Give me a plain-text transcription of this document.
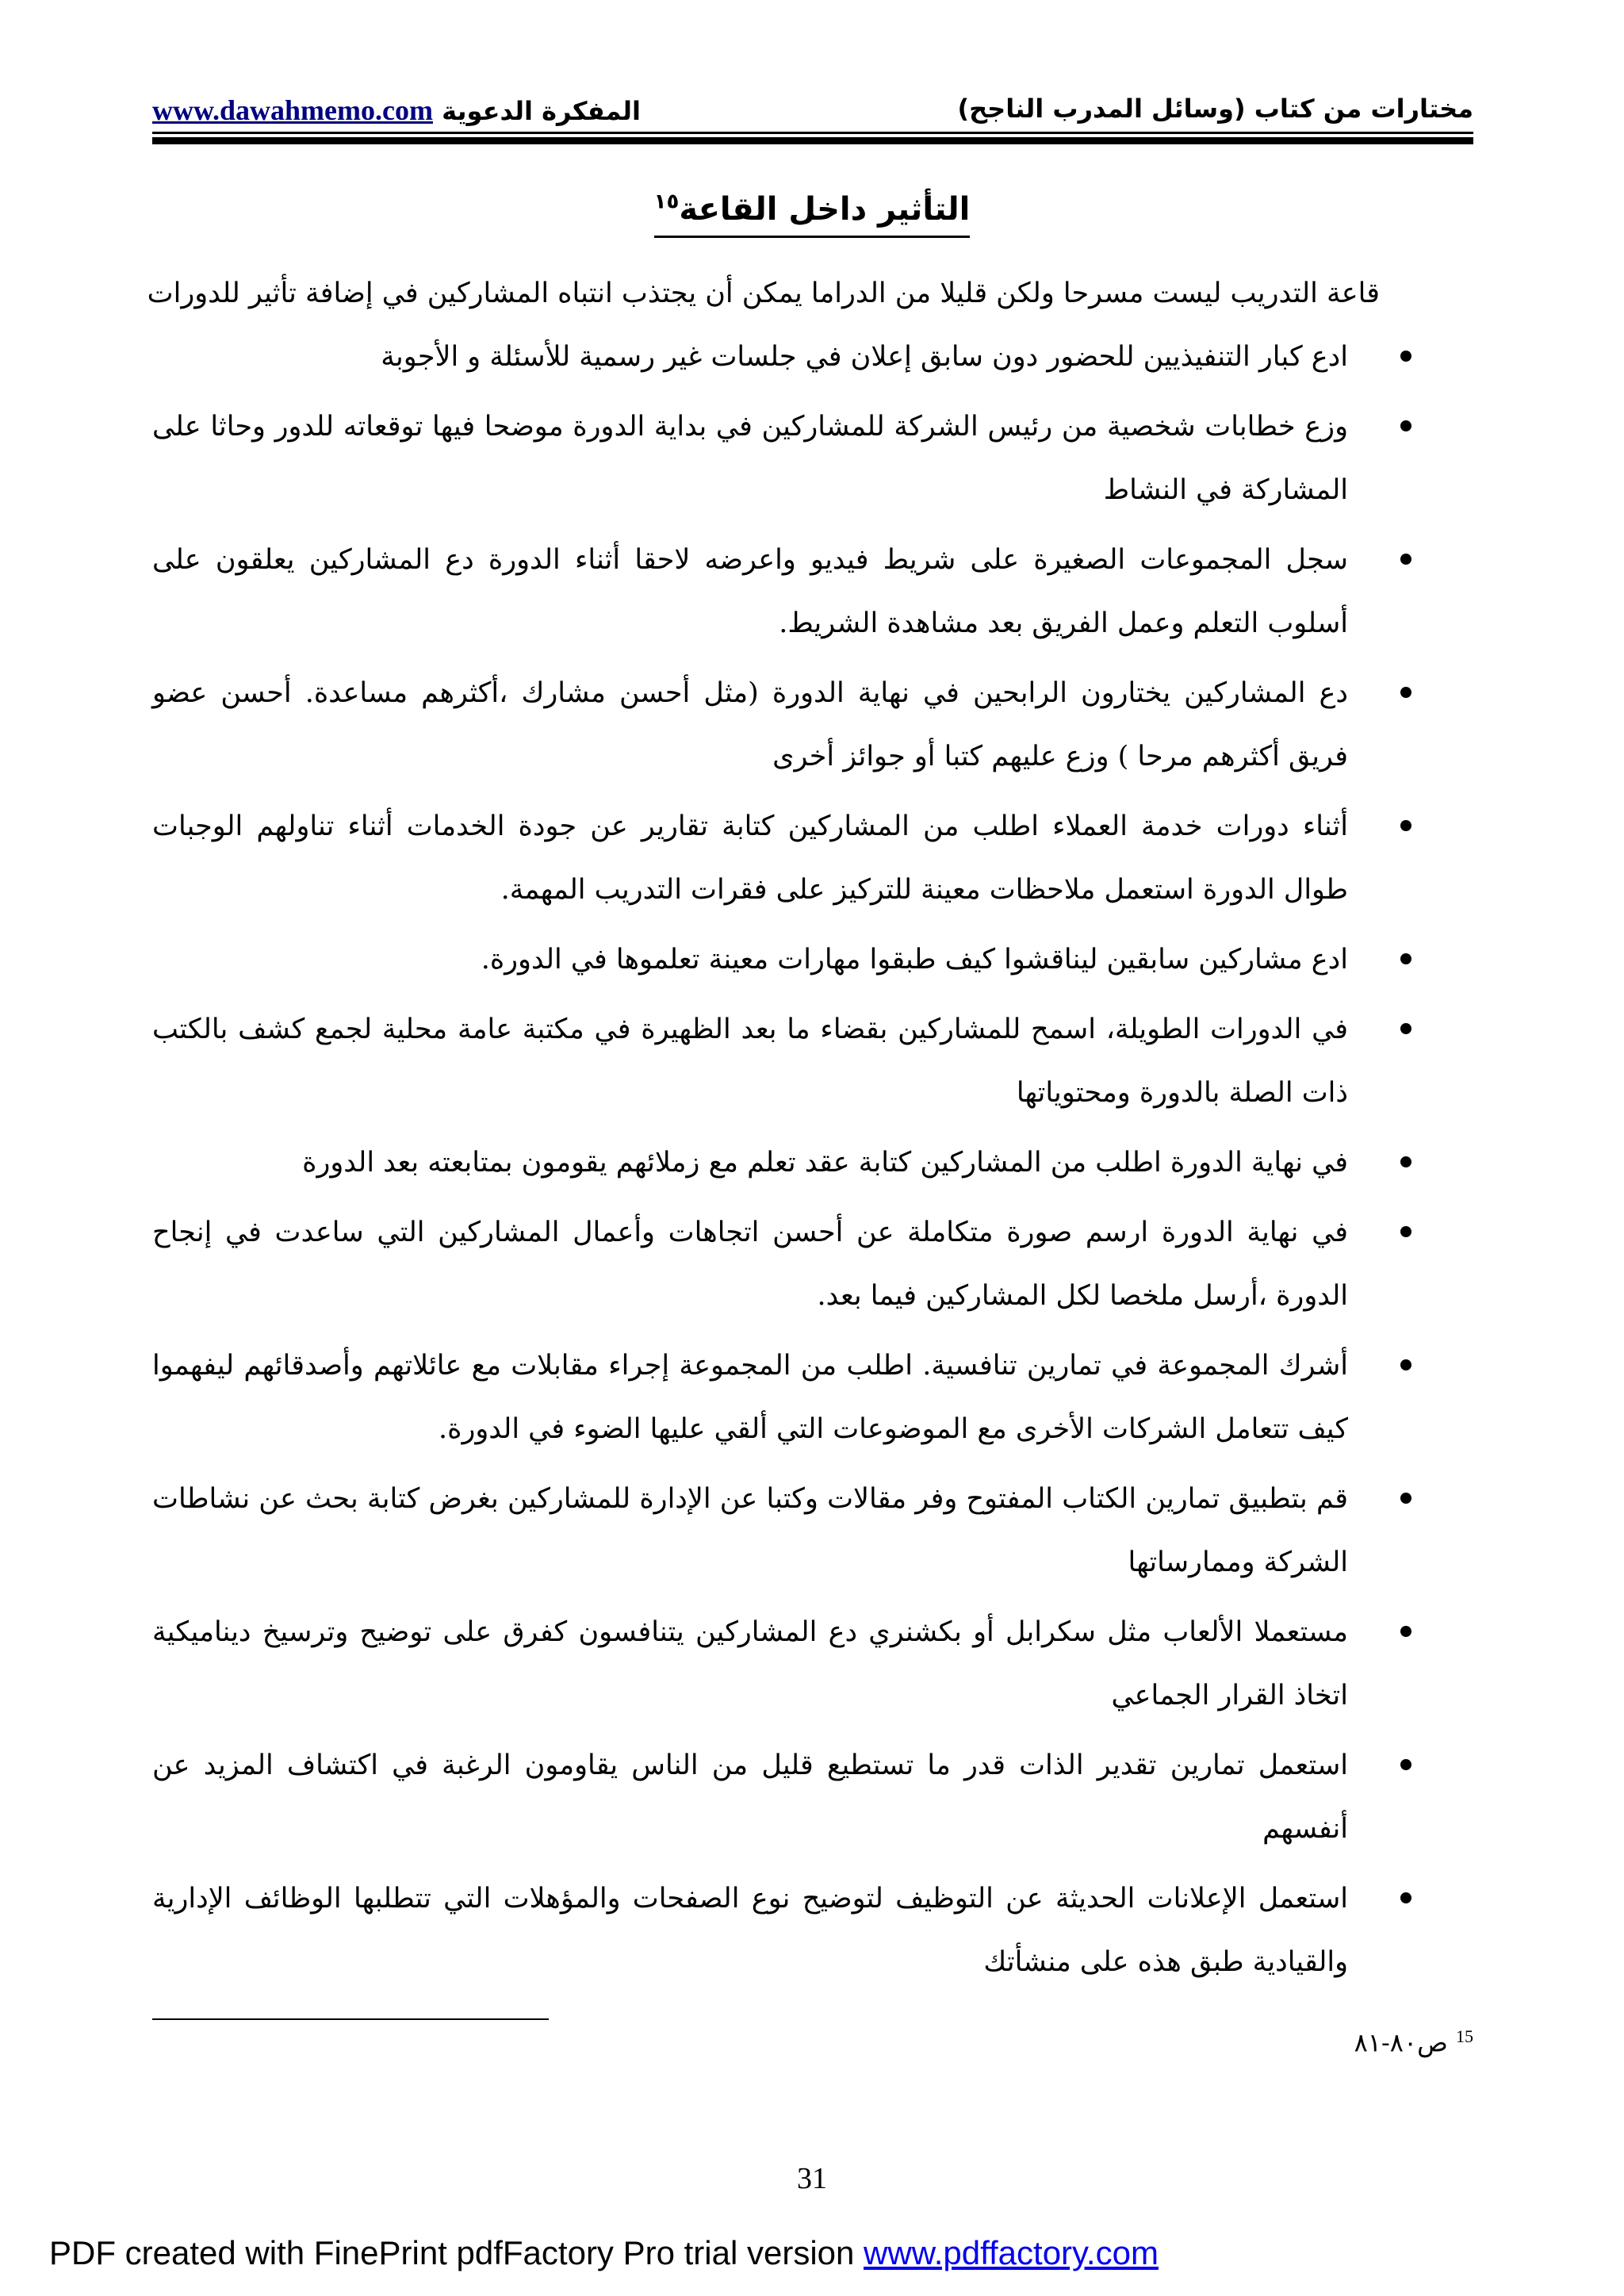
مختارات من كتاب (وسائل المدرب الناجح)
المفكرة الدعوية www.dawahmemo.com
التأثير داخل القاعة$^{١٥}$

قاعة التدريب ليست مسرحا ولكن قليلا من الدراما يمكن أن يجتذب انتباه المشاركين في إضافة تأثير للدورات

ادع كبار التنفيذيين للحضور دون سابق إعلان في جلسات غير رسمية للأسئلة و الأجوبة
وزع خطابات شخصية من رئيس الشركة للمشاركين في بداية الدورة موضحا فيها توقعاته للدور وحاثا على المشاركة في النشاط
سجل المجموعات الصغيرة على شريط فيديو واعرضه لاحقا أثناء الدورة دع المشاركين يعلقون على أسلوب التعلم وعمل الفريق بعد مشاهدة الشريط.
دع المشاركين يختارون الرابحين في نهاية الدورة (مثل أحسن مشارك ،أكثرهم مساعدة. أحسن عضو فريق أكثرهم مرحا ) وزع عليهم كتبا أو جوائز أخرى
أثناء دورات خدمة العملاء اطلب من المشاركين كتابة تقارير عن جودة الخدمات أثناء تناولهم الوجبات طوال الدورة استعمل ملاحظات معينة للتركيز على فقرات التدريب المهمة.
ادع مشاركين سابقين ليناقشوا كيف طبقوا مهارات معينة تعلموها في الدورة.
في الدورات الطويلة، اسمح للمشاركين بقضاء ما بعد الظهيرة في مكتبة عامة محلية لجمع كشف بالكتب ذات الصلة بالدورة ومحتوياتها
في نهاية الدورة اطلب من المشاركين كتابة عقد تعلم مع زملائهم يقومون بمتابعته بعد الدورة
في نهاية الدورة ارسم صورة متكاملة عن أحسن اتجاهات وأعمال المشاركين التي ساعدت في إنجاح الدورة ،أرسل ملخصا لكل المشاركين فيما بعد.
أشرك المجموعة في تمارين تنافسية. اطلب من المجموعة إجراء مقابلات مع عائلاتهم وأصدقائهم ليفهموا كيف تتعامل الشركات الأخرى مع الموضوعات التي ألقي عليها الضوء في الدورة.
قم بتطبيق تمارين الكتاب المفتوح وفر مقالات وكتبا عن الإدارة للمشاركين بغرض كتابة بحث عن نشاطات الشركة وممارساتها
مستعملا الألعاب مثل سكرابل أو بكشنري دع المشاركين يتنافسون كفرق على توضيح وترسيخ ديناميكية اتخاذ القرار الجماعي
استعمل تمارين تقدير الذات قدر ما تستطيع قليل من الناس يقاومون الرغبة في اكتشاف المزيد عن أنفسهم
استعمل الإعلانات الحديثة عن التوظيف لتوضيح نوع الصفحات والمؤهلات التي تتطلبها الوظائف الإدارية والقيادية طبق هذه على منشأتك
$^{15}$ ص٨٠-٨١
31
PDF created with FinePrint pdfFactory Pro trial version www.pdffactory.com
